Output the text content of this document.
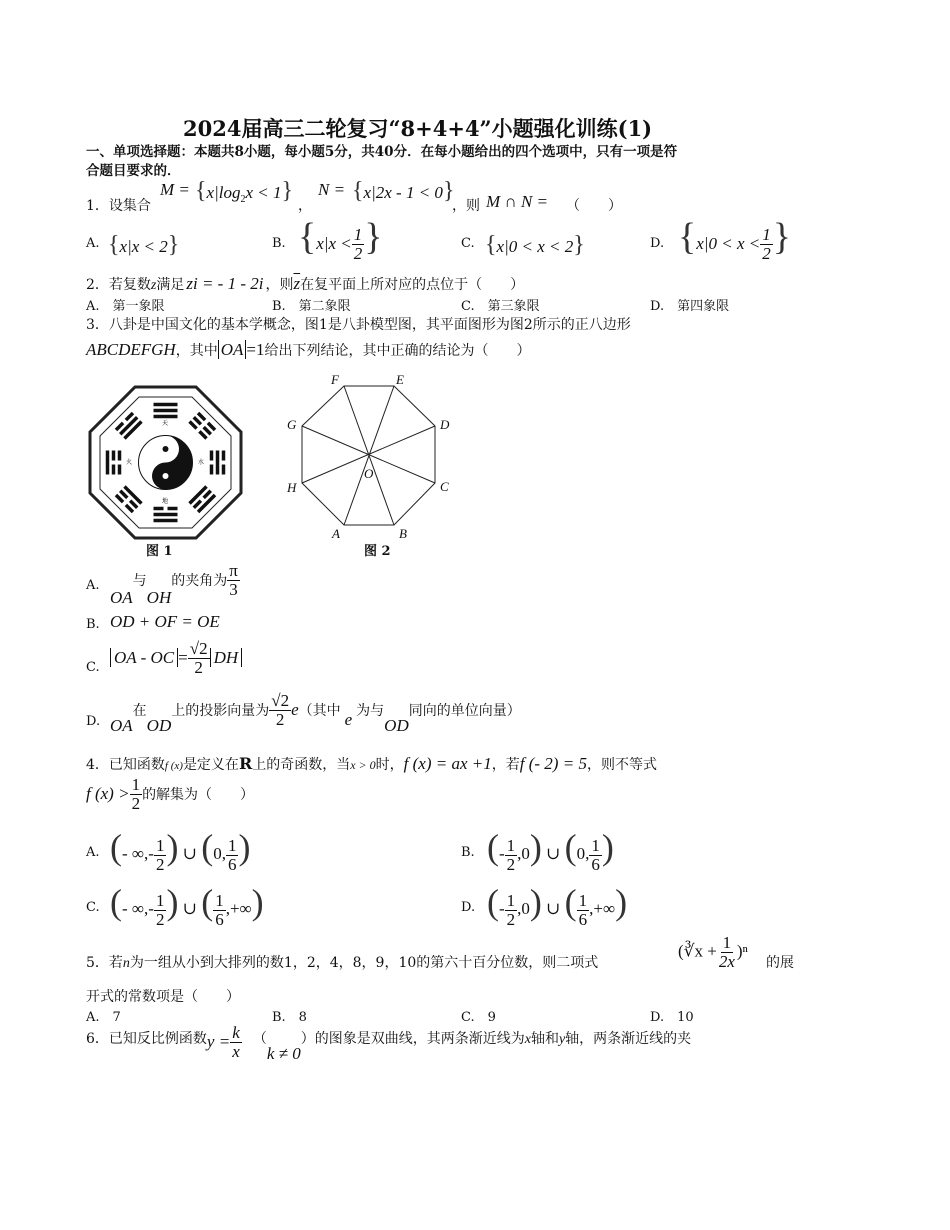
2024届高三二轮复习“8+4+4”小题强化训练(1)
一、单项选择题：本题共8小题，每小题5分，共40分．在每小题给出的四个选项中，只有一项是符
合题目要求的．
1．设集合
$M = \{x|\log_2x < 1\}$
，
N = {x|2x - 1 < 0}
，则 M ∩ N = （　　）
A. {x|x < 2}	B. {$x|x < \frac{1}{2}$ }	C. {x|0 < x < 2}	D. {$x|0 < x < \frac{1}{2}$ }
2．若复数z满足 zi = - 1 - 2i ，则$\overline{z}$在复平面上所对应的点位于（　　）
A.　第一象限	B.　第二象限	C.　第三象限	D.　第四象限
3．八卦是中国文化的基本学概念，图1是八卦模型图，其平面图形为图2所示的正八边形
ABCDEFGH，其中 OA =1给出下列结论，其中正确的结论为（　　）
天
地
水
火
图 1
A	B
C
D
E
F
G
H
O
图 2
A.
OA与OH的夹角为 $\frac{\pi}{3}$
B. OD + OF = OE
C.
OA - OC = $\frac{√2}{2}$ DH
D. OA在OD上的投影向量为 $\frac{√2}{2} e$（其中 e 为与OD同向的单位向量）
4．已知函数f (x)是定义在R上的奇函数，当x > 0时，f (x) = ax +1，若f (- 2) = 5，则不等式
f $(x) > \frac{1}{2}$ 的解集为（　　）
A. (- ∞,- $\frac{1}{2}$ ) ∪ (0, $\frac{1}{6}$ )	B. (- $\frac{1}{2} ,0$) ∪ (0, $\frac{1}{6}$ )
C. (- ∞,- $\frac{1}{2}$ ) ∪ ( $\frac{1}{6}$ ,+∞)	D. (- $\frac{1}{2} ,0$) ∪ ( $\frac{1}{6}$ ,+∞)
5．若n为一组从小到大排列的数1，2，4，8，9，10的第六十百分位数，则二项式
(∛x + $\frac{1}{2x} )^n$
的展
开式的常数项是（　　）
A.　7	B.　8	C.　9	D.　10
6．已知反比例函数$y = \frac{k}{x} (k \ne 0)$的图象是双曲线，其两条渐近线为x轴和y轴，两条渐近线的夹
